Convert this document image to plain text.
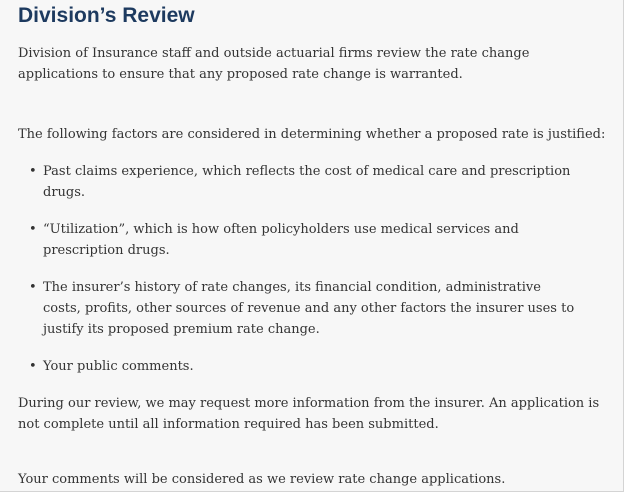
Division’s Review

Division of Insurance staff and outside actuarial firms review the rate change applications to ensure that any proposed rate change is warranted.

The following factors are considered in determining whether a proposed rate is justified:

• Past claims experience, which reflects the cost of medical care and prescription drugs.
• “Utilization”, which is how often policyholders use medical services and prescription drugs.
• The insurer’s history of rate changes, its financial condition, administrative costs, profits, other sources of revenue and any other factors the insurer uses to justify its proposed premium rate change.
• Your public comments.

During our review, we may request more information from the insurer. An application is not complete until all information required has been submitted.

Your comments will be considered as we review rate change applications.
